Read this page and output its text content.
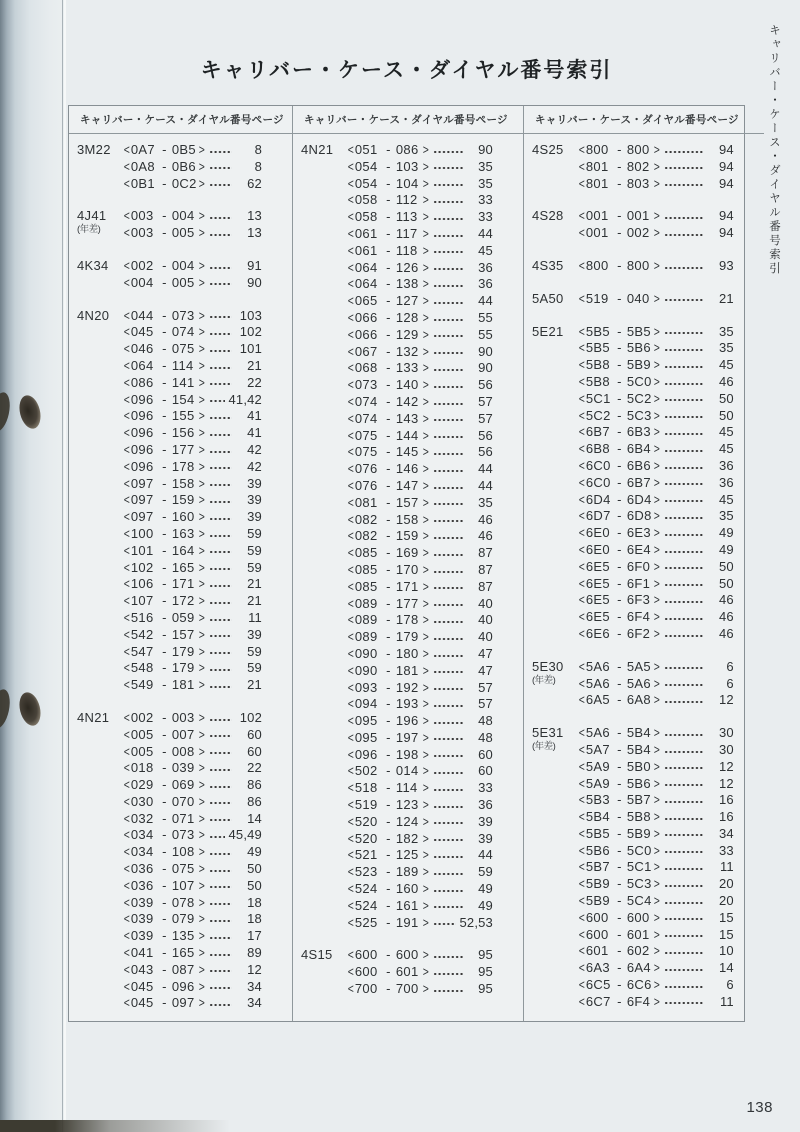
キャリバー・ケース・ダイヤル番号索引	キャリバー・ケース・ダイヤル番号索引
キャリバー・ケース・ダイヤル番号 ページ
3M22	< 0A7 - 0B5 >	8
< 0A8 - 0B6 >	8
< 0B1 - 0C2 >	62
4J41
(年差)
< 003 - 004 >	13
< 003 - 005 >	13
4K34	< 002 - 004 >	91
< 004 - 005 >	90
4N20	< 044 - 073 >	103
< 045 - 074 >	102
< 046 - 075 >	101
< 064 - 114 >	21
< 086 - 141 >	22
< 096 - 154 > 41,42
< 096 - 155 >	41
< 096 - 156 >	41
< 096 - 177 >	42
< 096 - 178 >	42
< 097 - 158 >	39
< 097 - 159 >	39
< 097 - 160 >	39
< 100 - 163 >	59
< 101 - 164 >	59
< 102 - 165 >	59
< 106 - 171 >	21
< 107 - 172 >	21
< 516 - 059 >	11
< 542 - 157 >	39
< 547 - 179 >	59
< 548 - 179 >	59
< 549 - 181 >	21
4N21	< 002 - 003 >	102
< 005 - 007 >	60
< 005 - 008 >	60
< 018 - 039 >	22
< 029 - 069 >	86
< 030 - 070 >	86
< 032 - 071 >	14
< 034 - 073 > 45,49
< 034 - 108 >	49
< 036 - 075 >	50
< 036 - 107 >	50
< 039 - 078 >	18
< 039 - 079 >	18
< 039 - 135 >	17
< 041 - 165 >	89
< 043 - 087 >	12
< 045 - 096 >	34
< 045 - 097 >	34
キャリバー・ケース・ダイヤル番号 ページ
4N21	< 051 - 086 >	90
< 054 - 103 >	35
< 054 - 104 >	35
< 058 - 112 >	33
< 058 - 113 >	33
< 061 - 117 >	44
< 061 - 118 >	45
< 064 - 126 >	36
< 064 - 138 >	36
< 065 - 127 >	44
< 066 - 128 >	55
< 066 - 129 >	55
< 067 - 132 >	90
< 068 - 133 >	90
< 073 - 140 >	56
< 074 - 142 >	57
< 074 - 143 >	57
< 075 - 144 >	56
< 075 - 145 >	56
< 076 - 146 >	44
< 076 - 147 >	44
< 081 - 157 >	35
< 082 - 158 >	46
< 082 - 159 >	46
< 085 - 169 >	87
< 085 - 170 >	87
< 085 - 171 >	87
< 089 - 177 >	40
< 089 - 178 >	40
< 089 - 179 >	40
< 090 - 180 >	47
< 090 - 181 >	47
< 093 - 192 >	57
< 094 - 193 >	57
< 095 - 196 >	48
< 095 - 197 >	48
< 096 - 198 >	60
< 502 - 014 >	60
< 518 - 114 >	33
< 519 - 123 >	36
< 520 - 124 >	39
< 520 - 182 >	39
< 521 - 125 >	44
< 523 - 189 >	59
< 524 - 160 >	49
< 524 - 161 >	49
< 525 - 191 > 52,53
4S15	< 600 - 600 >	95
< 600 - 601 >	95
< 700 - 700 >	95
キャリバー・ケース・ダイヤル番号 ページ
4S25	< 800 - 800 >	94
< 801 - 802 >	94
< 801 - 803 >	94
4S28	< 001 - 001 >	94
< 001 - 002 >	94
4S35	< 800 - 800 >	93
5A50	< 519 - 040 >	21
5E21	< 5B5 - 5B5 >	35
< 5B5 - 5B6 >	35
< 5B8 - 5B9 >	45
< 5B8 - 5C0 >	46
< 5C1 - 5C2 >	50
< 5C2 - 5C3 >	50
< 6B7 - 6B3 >	45
< 6B8 - 6B4 >	45
< 6C0 - 6B6 >	36
< 6C0 - 6B7 >	36
< 6D4 - 6D4 >	45
< 6D7 - 6D8 >	35
< 6E0 - 6E3 >	49
< 6E0 - 6E4 >	49
< 6E5 - 6F0 >	50
< 6E5 - 6F1 >	50
< 6E5 - 6F3 >	46
< 6E5 - 6F4 >	46
< 6E6 - 6F2 >	46
5E30
(年差)
< 5A6 - 5A5 >	6
< 5A6 - 5A6 >	6
< 6A5 - 6A8 >	12
5E31
(年差)
< 5A6 - 5B4 >	30
< 5A7 - 5B4 >	30
< 5A9 - 5B0 >	12
< 5A9 - 5B6 >	12
< 5B3 - 5B7 >	16
< 5B4 - 5B8 >	16
< 5B5 - 5B9 >	34
< 5B6 - 5C0 >	33
< 5B7 - 5C1 >	11
< 5B9 - 5C3 >	20
< 5B9 - 5C4 >	20
< 600 - 600 >	15
< 600 - 601 >	15
< 601 - 602 >	10
< 6A3 - 6A4 >	14
< 6C5 - 6C6 >	6
< 6C7 - 6F4 >	11
138
